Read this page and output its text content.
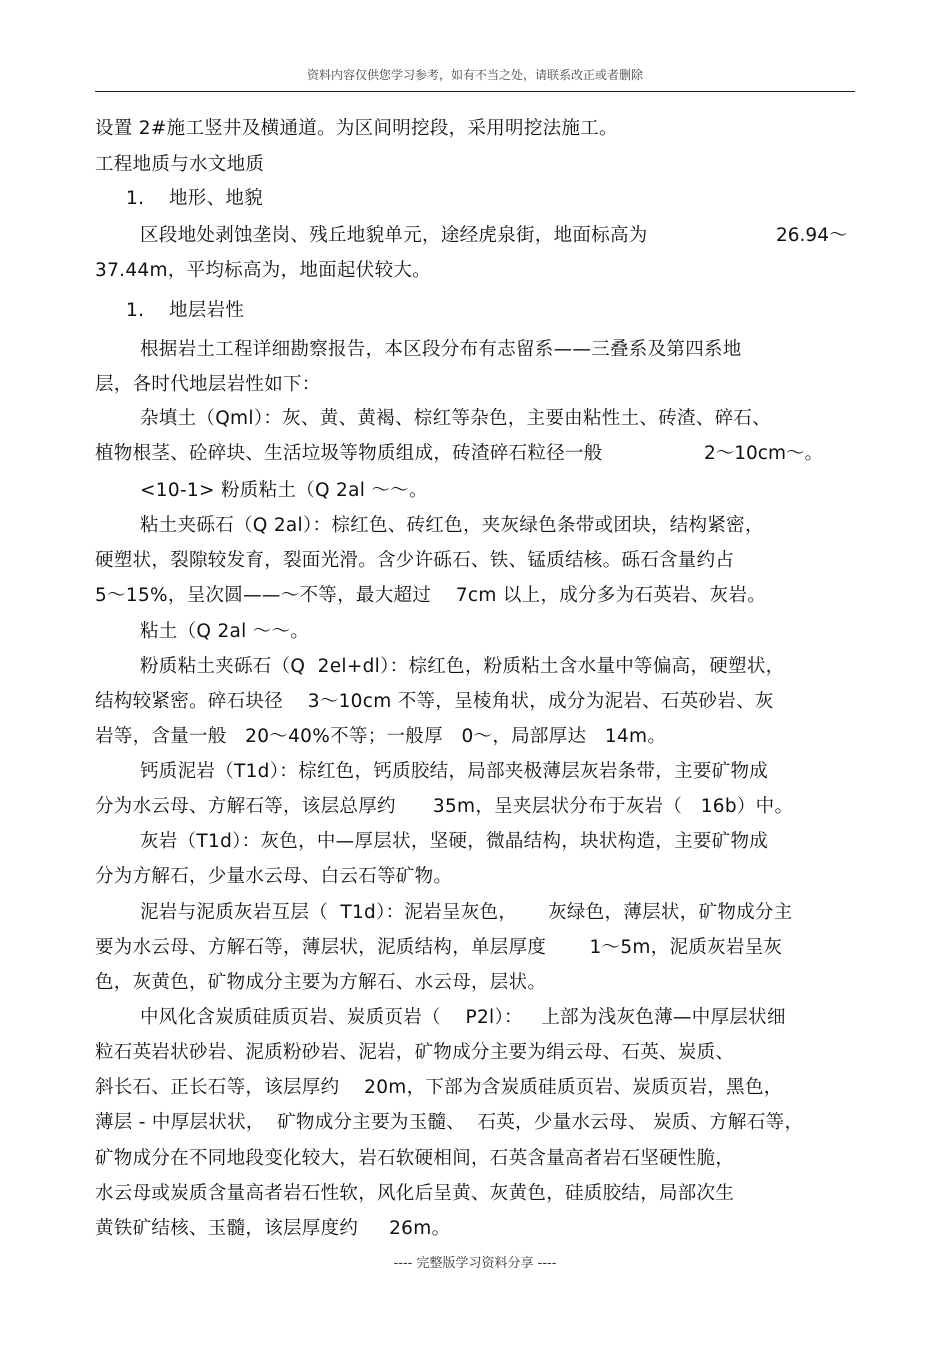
资料内容仅供您学习参考，如有不当之处，请联系改正或者删除
设置 2#施工竖井及横通道。为区间明挖段，采用明挖法施工。
工程地质与水文地质
1.    地形、地貌
区段地处剥蚀垄岗、残丘地貌单元，途经虎泉街，地面标高为	26.94～
37.44m，平均标高为，地面起伏较大。
1.    地层岩性
根据岩土工程详细勘察报告，本区段分布有志留系——三叠系及第四系地
层，各时代地层岩性如下：
杂填土（Qml）：灰、黄、黄褐、棕红等杂色，主要由粘性土、砖渣、碎石、
植物根茎、砼碎块、生活垃圾等物质组成，砖渣碎石粒径一般	2～10cm～。
<10-1> 粉质粘土（Q 2al ～～。
粘土夹砾石（Q 2al）：棕红色、砖红色，夹灰绿色条带或团块，结构紧密，
硬塑状，裂隙较发育，裂面光滑。含少许砾石、铁、锰质结核。砾石含量约占
5～15%，呈次圆——～不等，最大超过    7cm 以上，成分多为石英岩、灰岩。
粘土（Q 2al ～～。
粉质粘土夹砾石（Q  2el+dl）：棕红色，粉质粘土含水量中等偏高，硬塑状，
结构较紧密。碎石块径    3～10cm 不等，呈棱角状，成分为泥岩、石英砂岩、灰
岩等，含量一般   20～40%不等；一般厚   0～，局部厚达   14m。
钙质泥岩（T1d）：棕红色，钙质胶结，局部夹极薄层灰岩条带，主要矿物成
分为水云母、方解石等，该层总厚约      35m，呈夹层状分布于灰岩（   16b）中。
灰岩（T1d）：灰色，中—厚层状，坚硬，微晶结构，块状构造，主要矿物成
分为方解石，少量水云母、白云石等矿物。
泥岩与泥质灰岩互层（  T1d）：泥岩呈灰色，     灰绿色，薄层状，矿物成分主
要为水云母、方解石等，薄层状，泥质结构，单层厚度       1～5m，泥质灰岩呈灰
色，灰黄色，矿物成分主要为方解石、水云母，层状。
中风化含炭质硅质页岩、炭质页岩（    P2l）：   上部为浅灰色薄—中厚层状细
粒石英岩状砂岩、泥质粉砂岩、泥岩，矿物成分主要为绢云母、石英、炭质、
斜长石、正长石等，该层厚约    20m，下部为含炭质硅质页岩、炭质页岩，黑色，
薄层 - 中厚层状状，  矿物成分主要为玉髓、  石英，少量水云母、 炭质、方解石等，
矿物成分在不同地段变化较大，岩石软硬相间，石英含量高者岩石坚硬性脆，
水云母或炭质含量高者岩石性软，风化后呈黄、灰黄色，硅质胶结，局部次生
黄铁矿结核、玉髓，该层厚度约     26m。
---- 完整版学习资料分享 ----
